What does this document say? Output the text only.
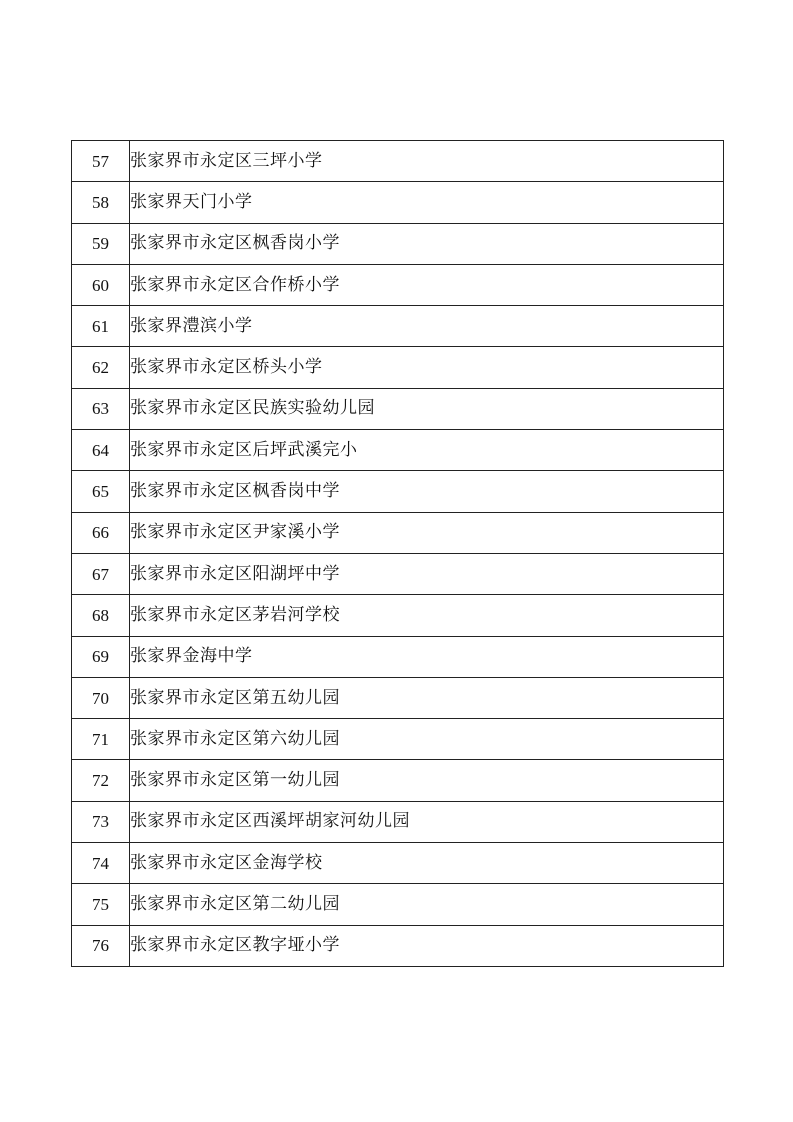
57	张家界市永定区三坪小学
58	张家界天门小学
59	张家界市永定区枫香岗小学
60	张家界市永定区合作桥小学
61	张家界澧滨小学
62	张家界市永定区桥头小学
63	张家界市永定区民族实验幼儿园
64	张家界市永定区后坪武溪完小
65	张家界市永定区枫香岗中学
66	张家界市永定区尹家溪小学
67	张家界市永定区阳湖坪中学
68	张家界市永定区茅岩河学校
69	张家界金海中学
70	张家界市永定区第五幼儿园
71	张家界市永定区第六幼儿园
72	张家界市永定区第一幼儿园
73	张家界市永定区西溪坪胡家河幼儿园
74	张家界市永定区金海学校
75	张家界市永定区第二幼儿园
76	张家界市永定区教字垭小学
